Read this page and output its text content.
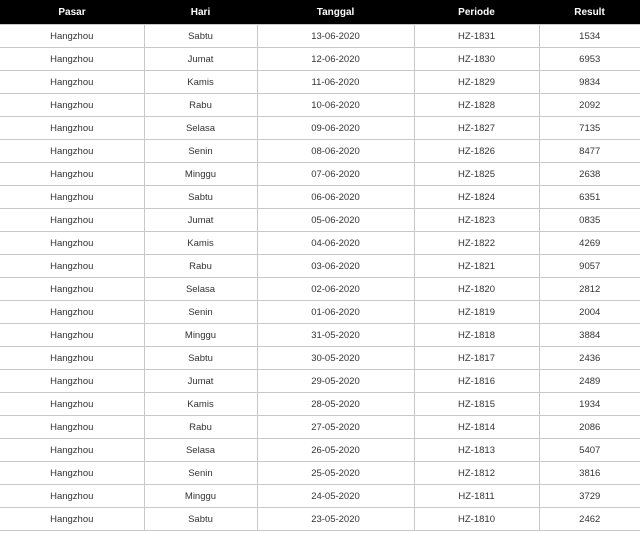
Pasar	Hari	Tanggal	Periode	Result
Hangzhou	Sabtu	13-06-2020	HZ-1831	1534
Hangzhou	Jumat	12-06-2020	HZ-1830	6953
Hangzhou	Kamis	11-06-2020	HZ-1829	9834
Hangzhou	Rabu	10-06-2020	HZ-1828	2092
Hangzhou	Selasa	09-06-2020	HZ-1827	7135
Hangzhou	Senin	08-06-2020	HZ-1826	8477
Hangzhou	Minggu	07-06-2020	HZ-1825	2638
Hangzhou	Sabtu	06-06-2020	HZ-1824	6351
Hangzhou	Jumat	05-06-2020	HZ-1823	0835
Hangzhou	Kamis	04-06-2020	HZ-1822	4269
Hangzhou	Rabu	03-06-2020	HZ-1821	9057
Hangzhou	Selasa	02-06-2020	HZ-1820	2812
Hangzhou	Senin	01-06-2020	HZ-1819	2004
Hangzhou	Minggu	31-05-2020	HZ-1818	3884
Hangzhou	Sabtu	30-05-2020	HZ-1817	2436
Hangzhou	Jumat	29-05-2020	HZ-1816	2489
Hangzhou	Kamis	28-05-2020	HZ-1815	1934
Hangzhou	Rabu	27-05-2020	HZ-1814	2086
Hangzhou	Selasa	26-05-2020	HZ-1813	5407
Hangzhou	Senin	25-05-2020	HZ-1812	3816
Hangzhou	Minggu	24-05-2020	HZ-1811	3729
Hangzhou	Sabtu	23-05-2020	HZ-1810	2462
